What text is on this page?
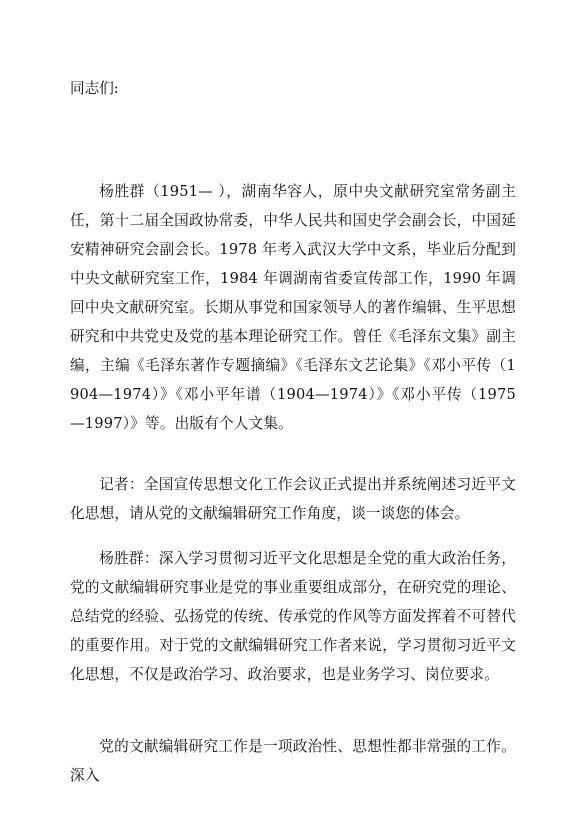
同志们:

杨胜群（1951— ），湖南华容人，原中央文献研究室常务副主任，第十二届全国政协常委，中华人民共和国史学会副会长，中国延安精神研究会副会长。1978 年考入武汉大学中文系，毕业后分配到中央文献研究室工作，1984 年调湖南省委宣传部工作，1990 年调回中央文献研究室。长期从事党和国家领导人的著作编辑、生平思想研究和中共党史及党的基本理论研究工作。曾任《毛泽东文集》副主编，主编《毛泽东著作专题摘编》《毛泽东文艺论集》《邓小平传（1904—1974）》《邓小平年谱（1904—1974）》《邓小平传（1975—1997）》等。出版有个人文集。

记者：全国宣传思想文化工作会议正式提出并系统阐述习近平文化思想，请从党的文献编辑研究工作角度，谈一谈您的体会。

杨胜群：深入学习贯彻习近平文化思想是全党的重大政治任务，党的文献编辑研究事业是党的事业重要组成部分，在研究党的理论、总结党的经验、弘扬党的传统、传承党的作风等方面发挥着不可替代的重要作用。对于党的文献编辑研究工作者来说，学习贯彻习近平文化思想，不仅是政治学习、政治要求，也是业务学习、岗位要求。

党的文献编辑研究工作是一项政治性、思想性都非常强的工作。深入
